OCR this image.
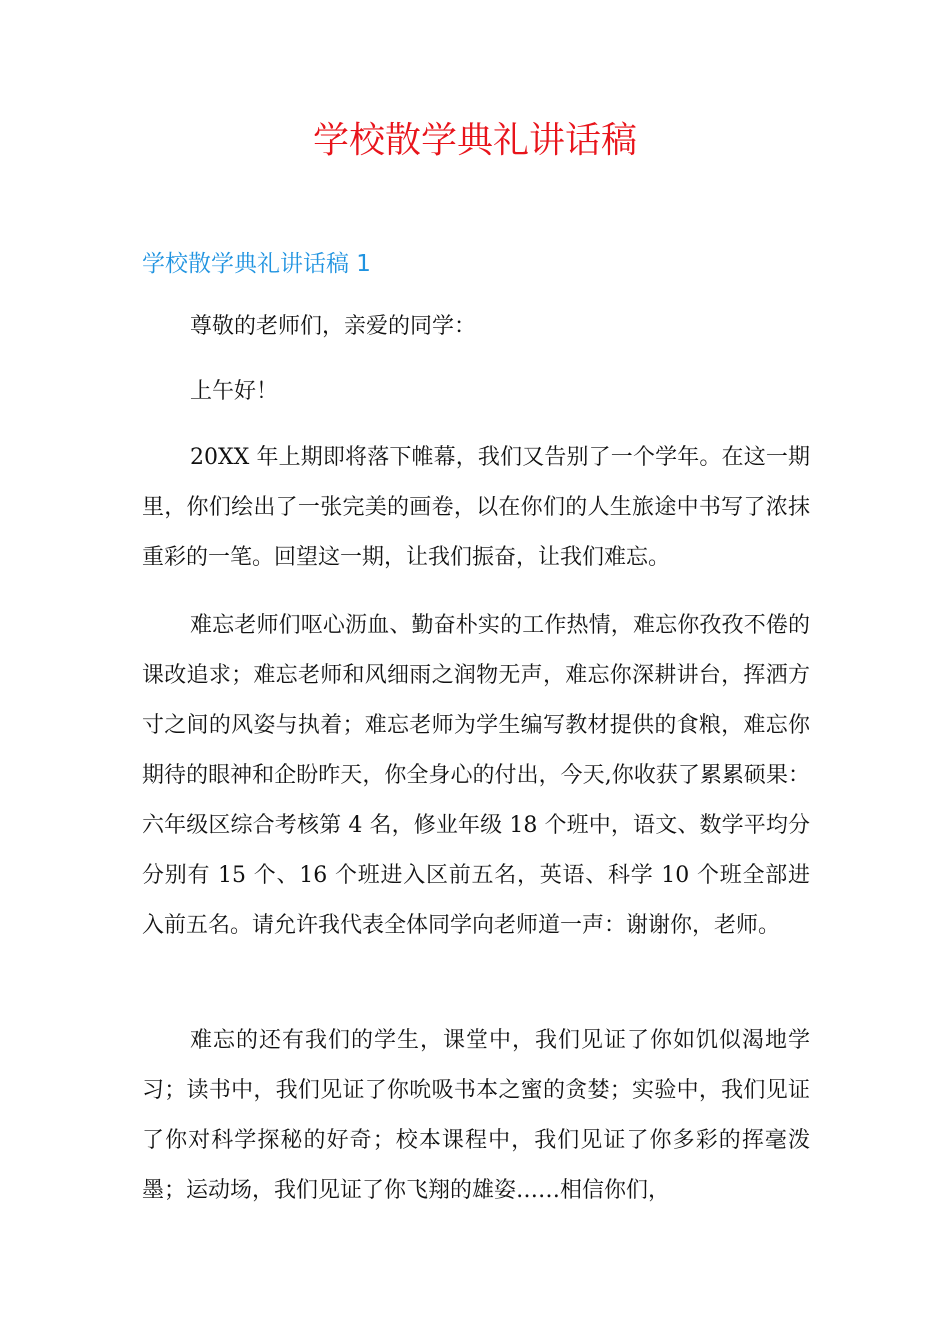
学校散学典礼讲话稿
学校散学典礼讲话稿 1

尊敬的老师们，亲爱的同学：

上午好！

20XX 年上期即将落下帷幕，我们又告别了一个学年。在这一期里，你们绘出了一张完美的画卷，以在你们的人生旅途中书写了浓抹重彩的一笔。回望这一期，让我们振奋，让我们难忘。

难忘老师们呕心沥血、勤奋朴实的工作热情，难忘你孜孜不倦的课改追求；难忘老师和风细雨之润物无声，难忘你深耕讲台，挥洒方寸之间的风姿与执着；难忘老师为学生编写教材提供的食粮，难忘你期待的眼神和企盼昨天，你全身心的付出，今天,你收获了累累硕果：六年级区综合考核第 4 名，修业年级 18 个班中，语文、数学平均分分别有 15 个、16 个班进入区前五名，英语、科学 10 个班全部进入前五名。请允许我代表全体同学向老师道一声：谢谢你，老师。

难忘的还有我们的学生，课堂中，我们见证了你如饥似渴地学习；读书中，我们见证了你吮吸书本之蜜的贪婪；实验中，我们见证了你对科学探秘的好奇；校本课程中，我们见证了你多彩的挥毫泼墨；运动场，我们见证了你飞翔的雄姿……相信你们，
